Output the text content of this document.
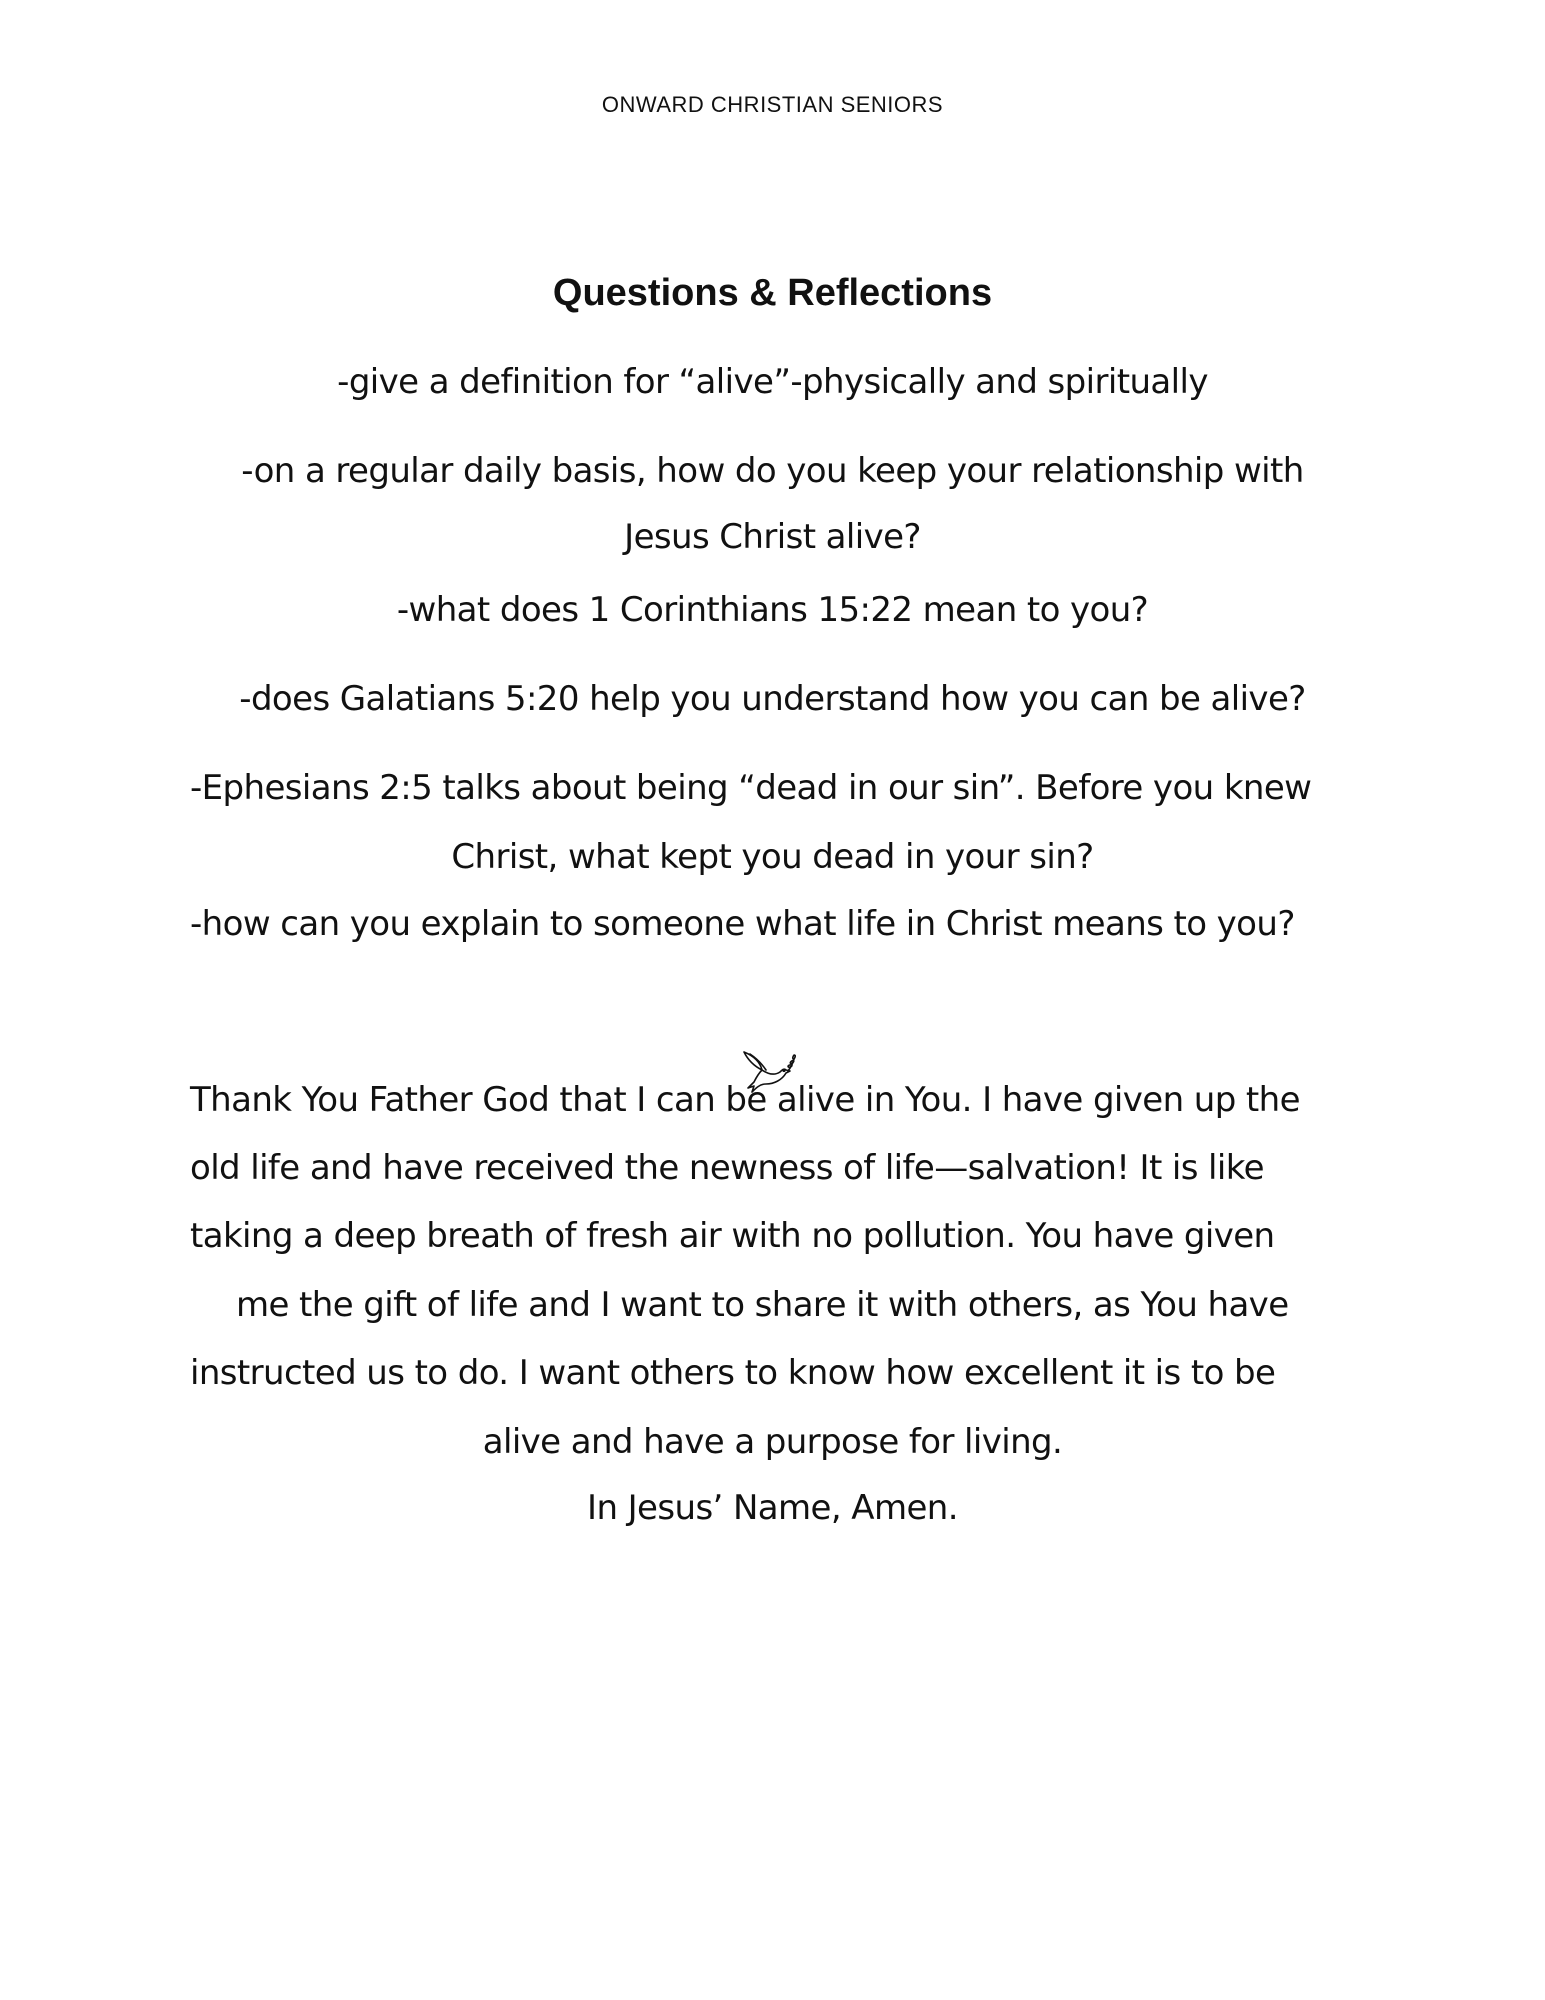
ONWARD CHRISTIAN SENIORS
Questions & Reflections
-give a definition for “alive”-physically and spiritually
-on a regular daily basis, how do you keep your relationship with
Jesus Christ alive?
-what does 1 Corinthians 15:22 mean to you?
-does Galatians 5:20 help you understand how you can be alive?
-Ephesians 2:5 talks about being “dead in our sin”. Before you knew
Christ, what kept you dead in your sin?
-how can you explain to someone what life in Christ means to you?
Thank You Father God that I can be alive in You. I have given up the
old life and have received the newness of life—salvation! It is like
taking a deep breath of fresh air with no pollution. You have given
me the gift of life and I want to share it with others, as You have
instructed us to do. I want others to know how excellent it is to be
alive and have a purpose for living.
In Jesus’ Name, Amen.
